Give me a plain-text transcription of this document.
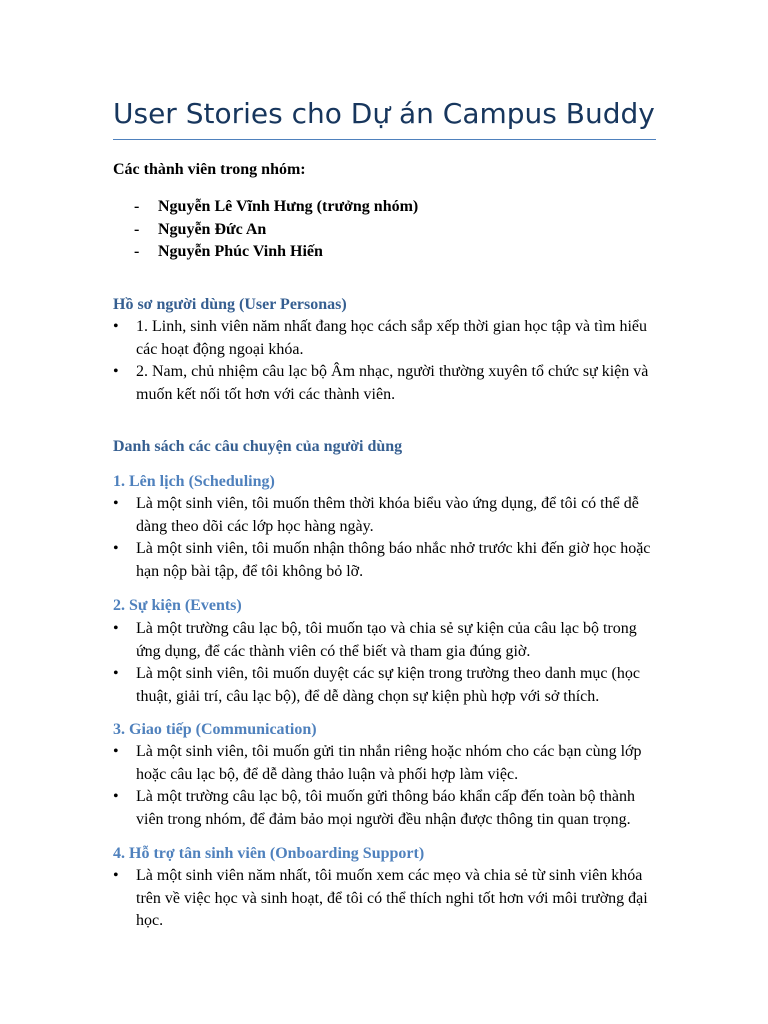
User Stories cho Dự án Campus Buddy
Các thành viên trong nhóm:
- Nguyễn Lê Vĩnh Hưng (trưởng nhóm)
- Nguyễn Đức An
- Nguyễn Phúc Vinh Hiến
Hồ sơ người dùng (User Personas)
• 1. Linh, sinh viên năm nhất đang học cách sắp xếp thời gian học tập và tìm hiểu các hoạt động ngoại khóa.
• 2. Nam, chủ nhiệm câu lạc bộ Âm nhạc, người thường xuyên tổ chức sự kiện và muốn kết nối tốt hơn với các thành viên.
Danh sách các câu chuyện của người dùng
1. Lên lịch (Scheduling)
• Là một sinh viên, tôi muốn thêm thời khóa biểu vào ứng dụng, để tôi có thể dễ dàng theo dõi các lớp học hàng ngày.
• Là một sinh viên, tôi muốn nhận thông báo nhắc nhở trước khi đến giờ học hoặc hạn nộp bài tập, để tôi không bỏ lỡ.
2. Sự kiện (Events)
• Là một trường câu lạc bộ, tôi muốn tạo và chia sẻ sự kiện của câu lạc bộ trong ứng dụng, để các thành viên có thể biết và tham gia đúng giờ.
• Là một sinh viên, tôi muốn duyệt các sự kiện trong trường theo danh mục (học thuật, giải trí, câu lạc bộ), để dễ dàng chọn sự kiện phù hợp với sở thích.
3. Giao tiếp (Communication)
• Là một sinh viên, tôi muốn gửi tin nhắn riêng hoặc nhóm cho các bạn cùng lớp hoặc câu lạc bộ, để dễ dàng thảo luận và phối hợp làm việc.
• Là một trường câu lạc bộ, tôi muốn gửi thông báo khẩn cấp đến toàn bộ thành viên trong nhóm, để đảm bảo mọi người đều nhận được thông tin quan trọng.
4. Hỗ trợ tân sinh viên (Onboarding Support)
• Là một sinh viên năm nhất, tôi muốn xem các mẹo và chia sẻ từ sinh viên khóa trên về việc học và sinh hoạt, để tôi có thể thích nghi tốt hơn với môi trường đại học.
